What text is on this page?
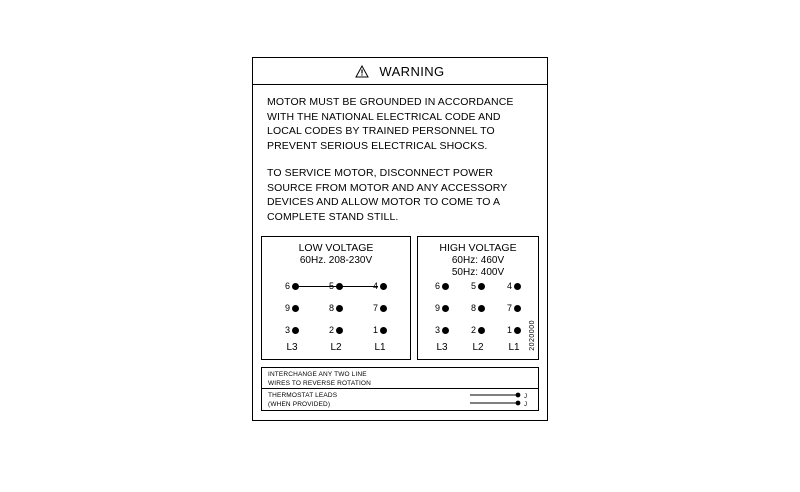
WARNING

MOTOR MUST BE GROUNDED IN ACCORDANCE WITH THE NATIONAL ELECTRICAL CODE AND LOCAL CODES BY TRAINED PERSONNEL TO PREVENT SERIOUS ELECTRICAL SHOCKS.

TO SERVICE MOTOR, DISCONNECT POWER SOURCE FROM MOTOR AND ANY ACCESSORY DEVICES AND ALLOW MOTOR TO COME TO A COMPLETE STAND STILL.

LOW VOLTAGE
60Hz. 208-230V
6	5	4
9	8	7
3	2	1
L3	L2	L1
HIGH VOLTAGE
60Hz: 460V
50Hz: 400V
6	5	4
9	8	7
3	2	1
L3	L2	L1	2020000
INTERCHANGE ANY TWO LINE
WIRES TO REVERSE ROTATION
THERMOSTAT LEADS
(WHEN PROVIDED)
J
J
